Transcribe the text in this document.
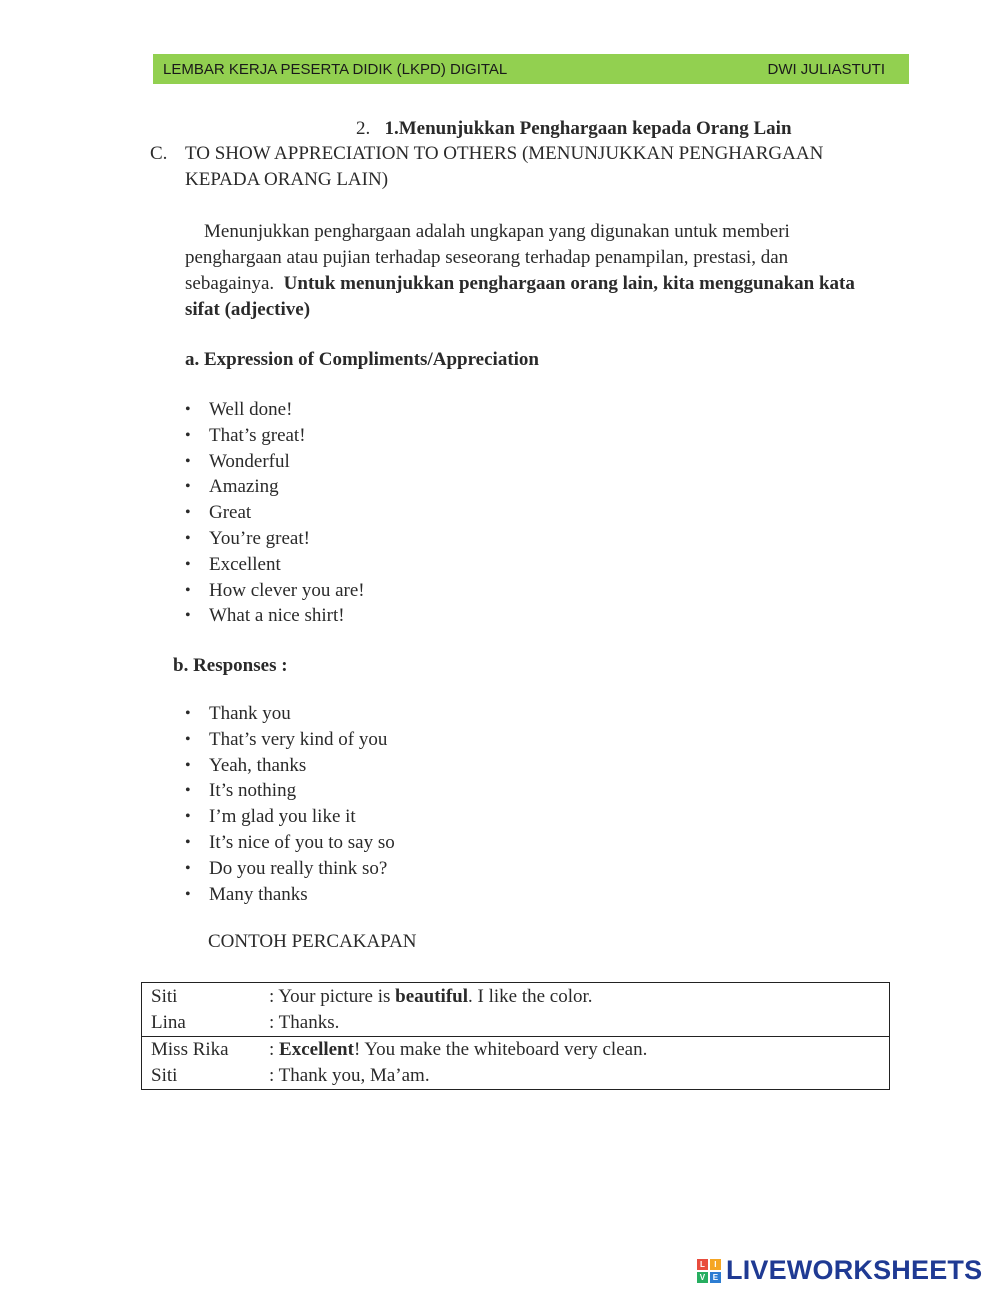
LEMBAR KERJA PESERTA DIDIK (LKPD) DIGITAL	DWI JULIASTUTI
2. 1.Menunjukkan Penghargaan kepada Orang Lain
C. TO SHOW APPRECIATION TO OTHERS (MENUNJUKKAN PENGHARGAAN
KEPADA ORANG LAIN)
Menunjukkan penghargaan adalah ungkapan yang digunakan untuk memberi penghargaan atau pujian terhadap seseorang terhadap penampilan, prestasi, dan sebagainya. Untuk menunjukkan penghargaan orang lain, kita menggunakan kata sifat (adjective)
a. Expression of Compliments/Appreciation
• Well done!
• That’s great!
• Wonderful
• Amazing
• Great
• You’re great!
• Excellent
• How clever you are!
• What a nice shirt!
b. Responses :
• Thank you
• That’s very kind of you
• Yeah, thanks
• It’s nothing
• I’m glad you like it
• It’s nice of you to say so
• Do you really think so?
• Many thanks
CONTOH PERCAKAPAN
Siti	: Your picture is beautiful. I like the color.
Lina	: Thanks.
Miss Rika	: Excellent! You make the whiteboard very clean.
Siti	: Thank you, Ma’am.
L	I
V E LIVEWORKSHEETS
